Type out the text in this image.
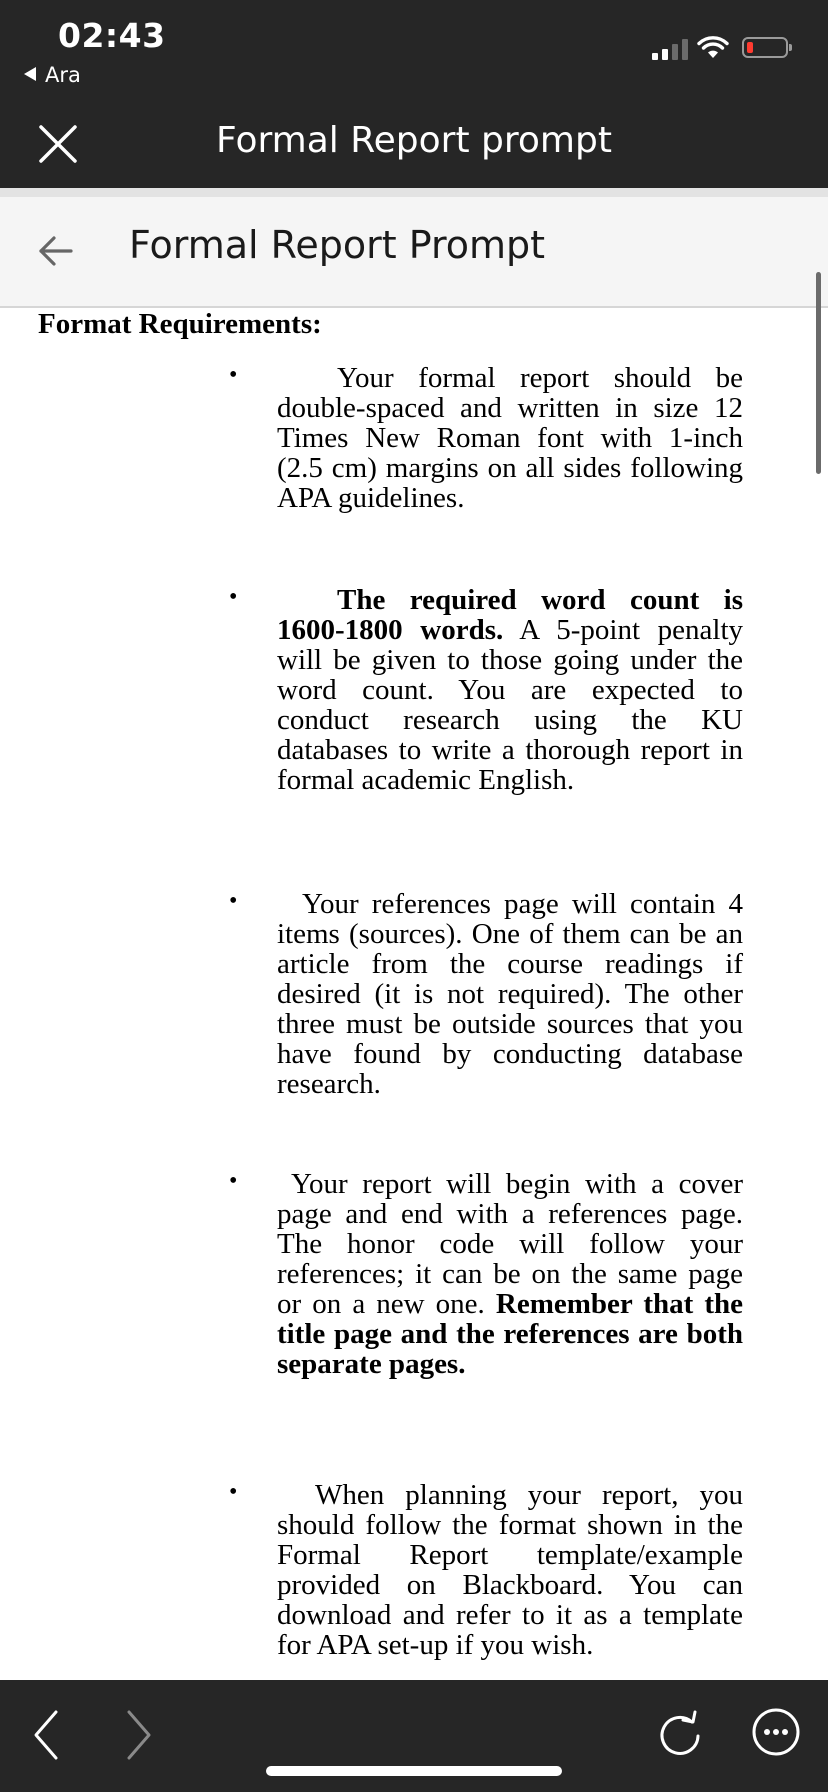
02:43
Ara
Formal Report prompt
Formal Report Prompt
Format Requirements:
•	Your formal report should be double-spaced and written in size 12 Times New Roman font with 1-inch (2.5 cm) margins on all sides following APA guidelines.

•	The required word count is 1600-1800 words. A 5-point penalty will be given to those going under the word count. You are expected to conduct research using the KU databases to write a thorough report in formal academic English.

•	Your references page will contain 4 items (sources). One of them can be an article from the course readings if desired (it is not required). The other three must be outside sources that you have found by conducting database research.

•	Your report will begin with a cover page and end with a references page. The honor code will follow your references; it can be on the same page or on a new one. Remember that the title page and the references are both separate pages.

•	When planning your report, you should follow the format shown in the Formal Report template/example provided on Blackboard. You can download and refer to it as a template for APA set-up if you wish.
